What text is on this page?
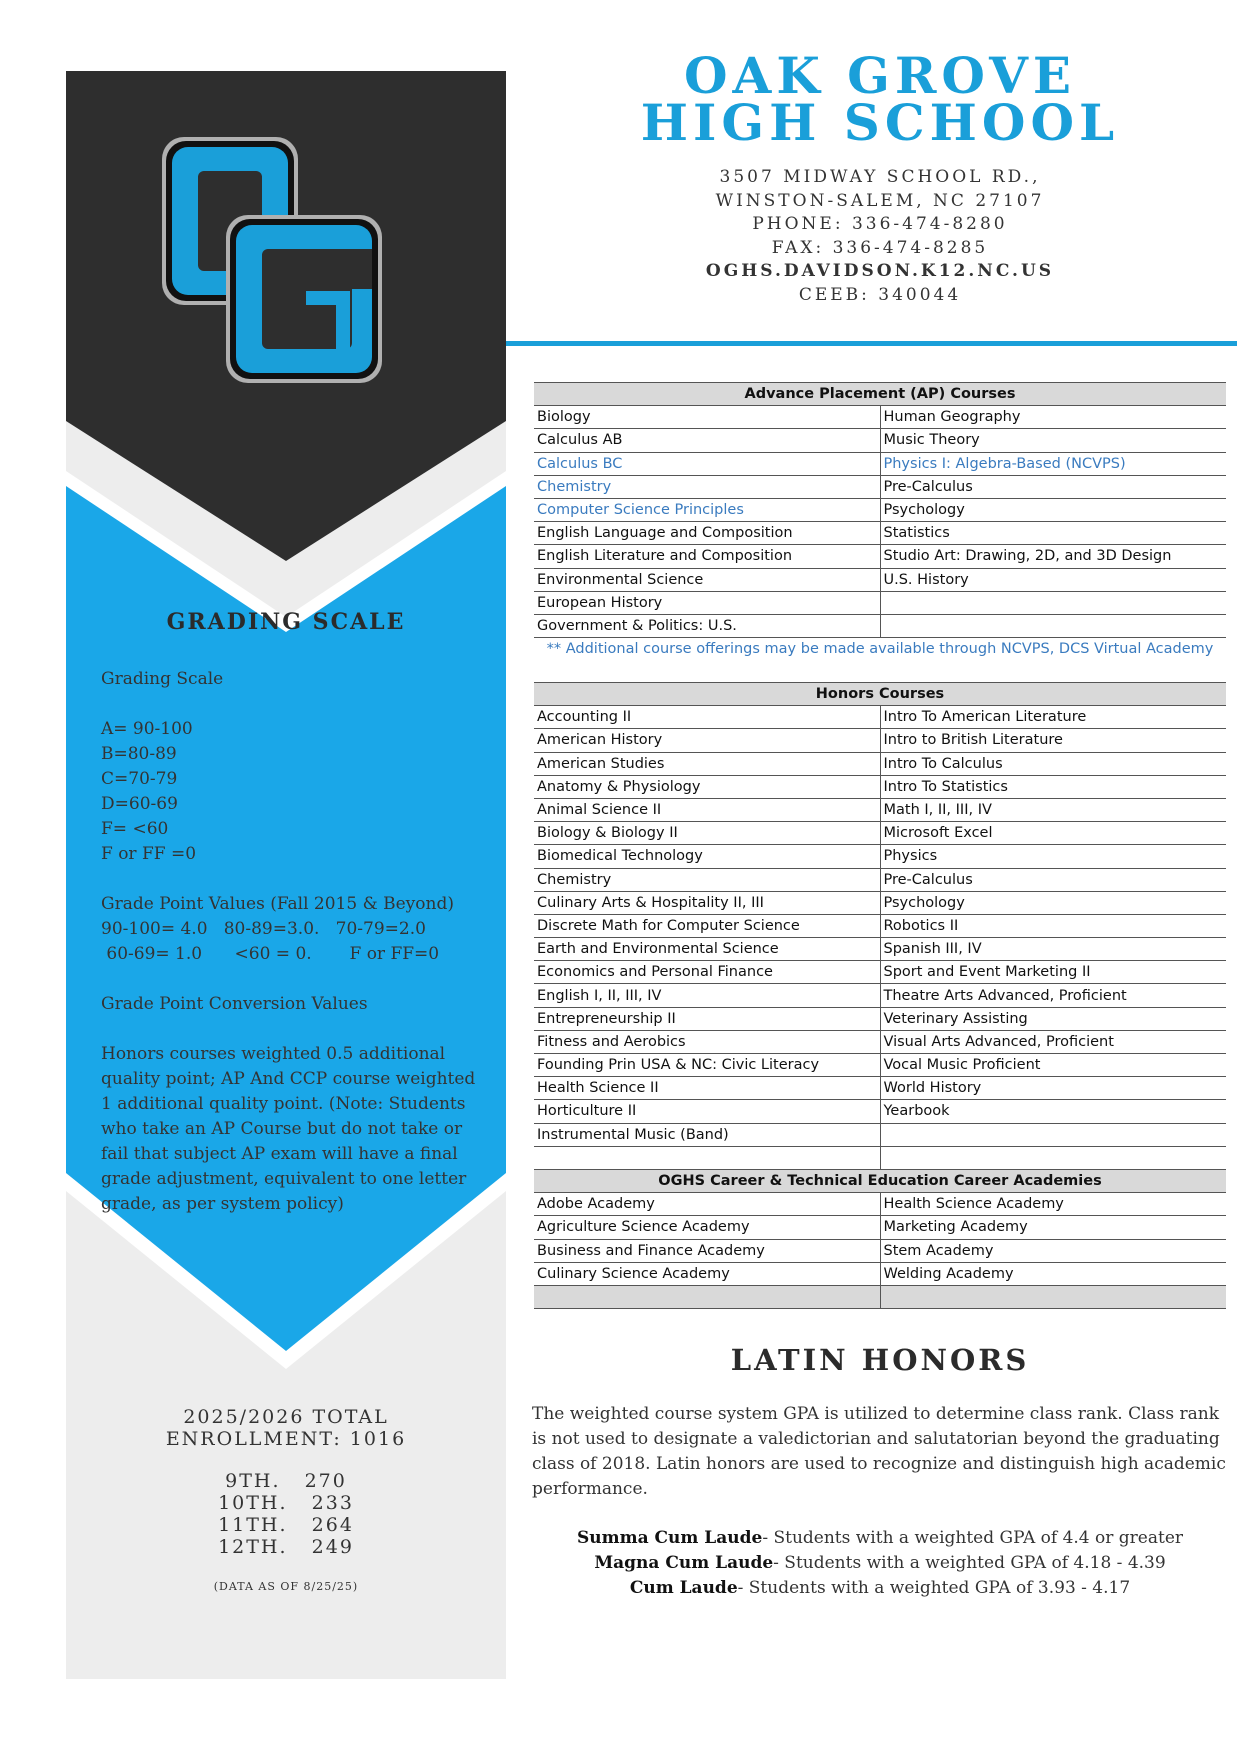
GRADING SCALE

Grading Scale

A= 90-100

B=80-89

C=70-79

D=60-69

F= <60

F or FF =0

Grade Point Values (Fall 2015 & Beyond)

90-100= 4.0   80-89=3.0.   70-79=2.0

60-69= 1.0      <60 = 0.       F or FF=0

Grade Point Conversion Values

Honors courses weighted 0.5 additional quality point; AP And CCP course weighted 1 additional quality point. (Note: Students who take an AP Course but do not take or fail that subject AP exam will have a final grade adjustment, equivalent to one letter grade, as per system policy)

2025/2026 TOTAL
ENROLLMENT: 1016
9TH.   270
10TH.   233
11TH.   264
12TH.   249
(DATA AS OF 8/25/25)
OAK GROVE
HIGH SCHOOL
3507 MIDWAY SCHOOL RD.,
WINSTON-SALEM, NC 27107
PHONE: 336-474-8280
FAX: 336-474-8285
OGHS.DAVIDSON.K12.NC.US
CEEB: 340044
Advance Placement (AP) Courses	
Biology	Human Geography
Calculus AB	Music Theory
Calculus BC	Physics I: Algebra-Based (NCVPS)
Chemistry	Pre-Calculus
Computer Science Principles	Psychology
English Language and Composition	Statistics
English Literature and Composition	Studio Art: Drawing, 2D, and 3D Design
Environmental Science	U.S. History
European History	
Government & Politics: U.S.	
** Additional course offerings may be made available through NCVPS, DCS Virtual Academy	
Honors Courses	
Accounting II	Intro To American Literature
American History	Intro to British Literature
American Studies	Intro To Calculus
Anatomy & Physiology	Intro To Statistics
Animal Science II	Math I, II, III, IV
Biology & Biology II	Microsoft Excel
Biomedical Technology	Physics
Chemistry	Pre-Calculus
Culinary Arts & Hospitality II, III	Psychology
Discrete Math for Computer Science	Robotics II
Earth and Environmental Science	Spanish III, IV
Economics and Personal Finance	Sport and Event Marketing II
English I, II, III, IV	Theatre Arts Advanced, Proficient
Entrepreneurship II	Veterinary Assisting
Fitness and Aerobics	Visual Arts Advanced, Proficient
Founding Prin USA & NC: Civic Literacy	Vocal Music Proficient
Health Science II	World History
Horticulture II	Yearbook
Instrumental Music (Band)	

OGHS Career & Technical Education Career Academies	
Adobe Academy	Health Science Academy
Agriculture Science Academy	Marketing Academy
Business and Finance Academy	Stem Academy
Culinary Science Academy	Welding Academy

LATIN HONORS

The weighted course system GPA is utilized to determine class rank. Class rank is not used to designate a valedictorian and salutatorian beyond the graduating class of 2018. Latin honors are used to recognize and distinguish high academic performance.

Summa Cum Laude- Students with a weighted GPA of 4.4 or greater
Magna Cum Laude- Students with a weighted GPA of 4.18 - 4.39
Cum Laude- Students with a weighted GPA of 3.93 - 4.17
